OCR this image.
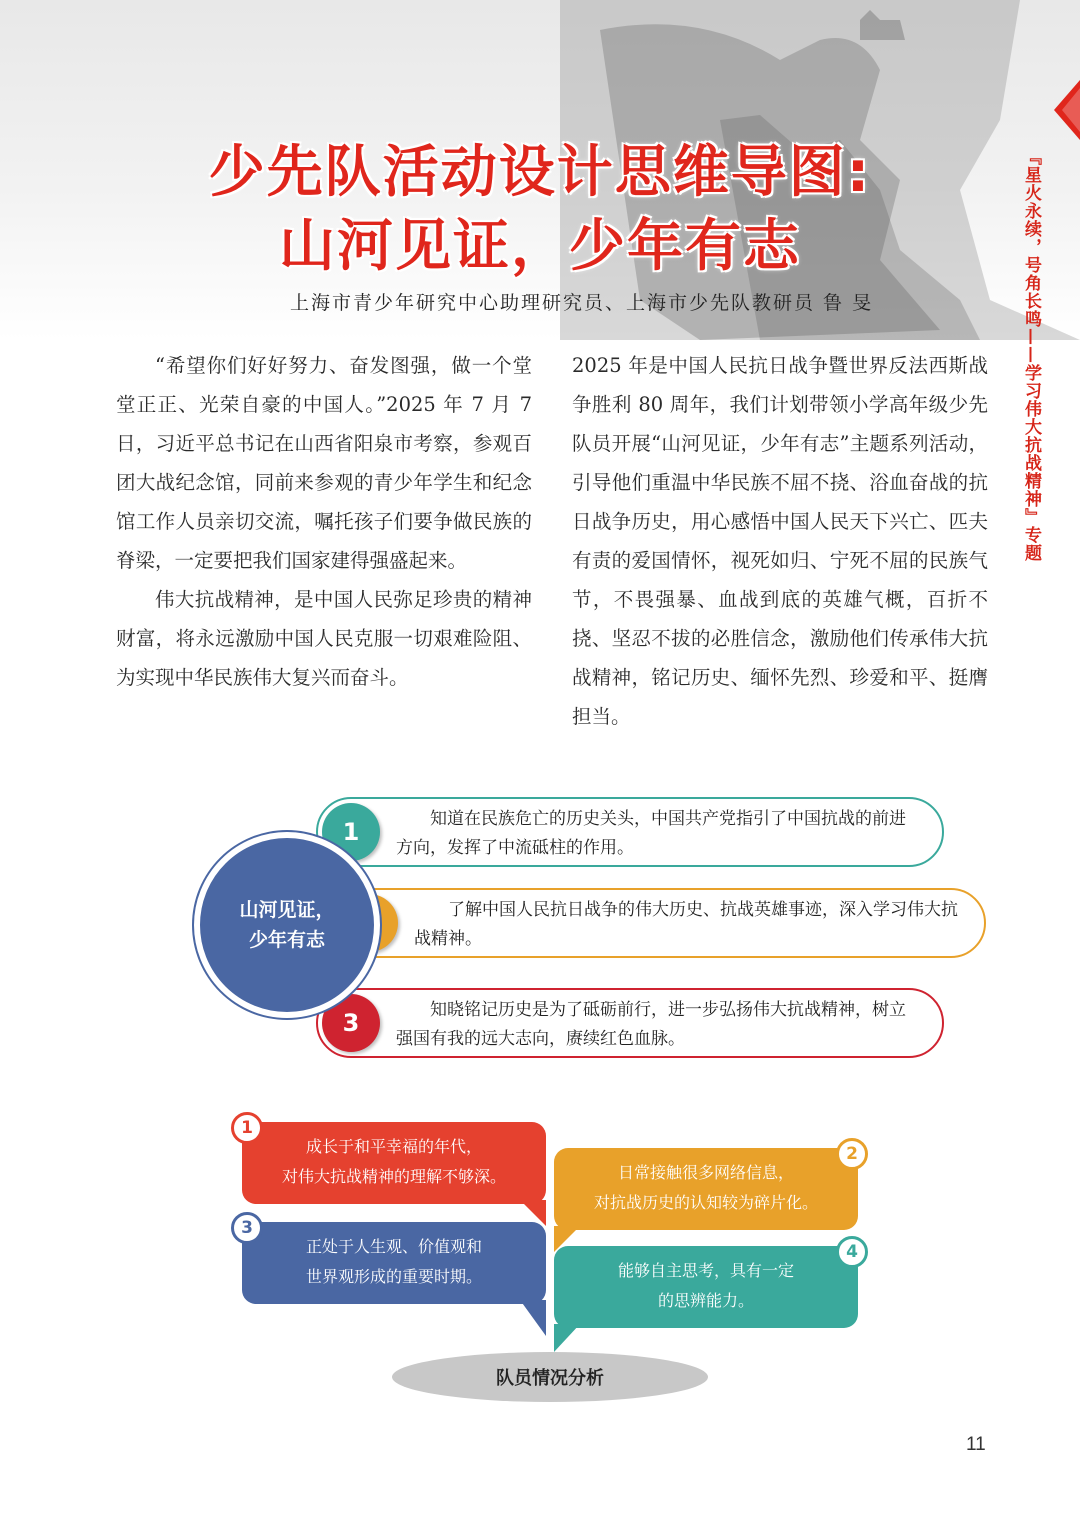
少先队活动设计思维导图:
山河见证，少年有志
上海市青少年研究中心助理研究员、上海市少先队教研员 鲁 旻	『星火永续，号角长鸣——学习伟大抗战精神』专题

“希望你们好好努力、奋发图强，做一个堂堂正正、光荣自豪的中国人。”2025 年 7 月 7 日，习近平总书记在山西省阳泉市考察，参观百团大战纪念馆，同前来参观的青少年学生和纪念馆工作人员亲切交流，嘱托孩子们要争做民族的脊梁，一定要把我们国家建得强盛起来。

伟大抗战精神，是中国人民弥足珍贵的精神财富，将永远激励中国人民克服一切艰难险阻、为实现中华民族伟大复兴而奋斗。

2025 年是中国人民抗日战争暨世界反法西斯战争胜利 80 周年，我们计划带领小学高年级少先队员开展“山河见证，少年有志”主题系列活动，引导他们重温中华民族不屈不挠、浴血奋战的抗日战争历史，用心感悟中国人民天下兴亡、匹夫有责的爱国情怀，视死如归、宁死不屈的民族气节，不畏强暴、血战到底的英雄气概，百折不挠、坚忍不拔的必胜信念，激励他们传承伟大抗战精神，铭记历史、缅怀先烈、珍爱和平、挺膺担当。

1	知道在民族危亡的历史关头，中国共产党指引了中国抗战的前进方向，发挥了中流砥柱的作用。
了解中国人民抗日战争的伟大历史、抗战英雄事迹，深入学习伟大抗战精神。
3	知晓铭记历史是为了砥砺前行，进一步弘扬伟大抗战精神，树立强国有我的远大志向，赓续红色血脉。
山河见证，
少年有志
成长于和平幸福的年代，
对伟大抗战精神的理解不够深。
1
日常接触很多网络信息，
对抗战历史的认知较为碎片化。
2
正处于人生观、价值观和
世界观形成的重要时期。
3
能够自主思考，具有一定
的思辨能力。
4
队员情况分析
11
